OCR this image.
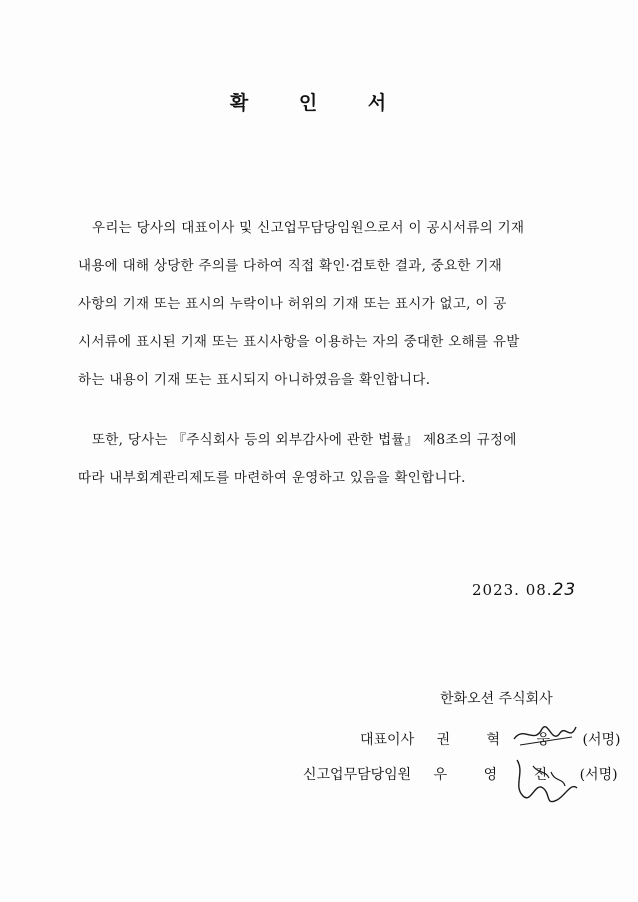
확 인 서
우리는 당사의 대표이사 및 신고업무담당임원으로서 이 공시서류의 기재
내용에 대해 상당한 주의를 다하여 직접 확인·검토한 결과, 중요한 기재
사항의 기재 또는 표시의 누락이나 허위의 기재 또는 표시가 없고, 이 공
시서류에 표시된 기재 또는 표시사항을 이용하는 자의 중대한 오해를 유발
하는 내용이 기재 또는 표시되지 아니하였음을 확인합니다.
또한, 당사는 『주식회사 등의 외부감사에 관한 법률』 제8조의 규정에
따라 내부회계관리제도를 마련하여 운영하고 있음을 확인합니다.
2023. 08.23
한화오션 주식회사
대표이사 권 혁 웅 (서명)
신고업무담당임원 우 영 진 (서명)
